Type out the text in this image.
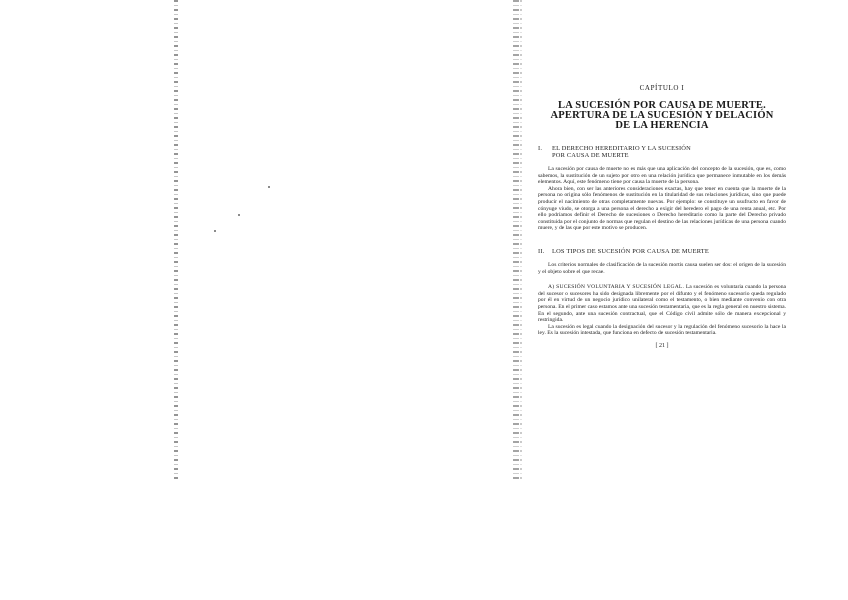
CAPÍTULO I

LA SUCESIÓN POR CAUSA DE MUERTE.
APERTURA DE LA SUCESIÓN Y DELACIÓN
DE LA HERENCIA
I. EL DERECHO HEREDITARIO Y LA SUCESIÓN
POR CAUSA DE MUERTE

La sucesión por causa de muerte no es más que una aplicación del concepto de la sucesión, que es, como sabemos, la sustitución de un sujeto por otro en una relación jurídica que permanece inmutable en los demás elementos. Aquí, este fenómeno tiene por causa la muerte de la persona.

Ahora bien, con ser las anteriores consideraciones exactas, hay que tener en cuenta que la muerte de la persona no origina sólo fenómenos de sustitución en la titularidad de sus relaciones jurídicas, sino que puede producir el nacimiento de otras completamente nuevas. Por ejemplo: se constituye un usufructo en favor de cónyuge viudo, se otorga a una persona el derecho a exigir del heredero el pago de una renta anual, etc. Por ello podríamos definir el Derecho de sucesiones o Derecho hereditario como la parte del Derecho privado constituida por el conjunto de normas que regulan el destino de las relaciones jurídicas de una persona cuando muere, y de las que por este motivo se producen.

II. LOS TIPOS DE SUCESIÓN POR CAUSA DE MUERTE

Los criterios normales de clasificación de la sucesión mortis causa suelen ser dos: el origen de la sucesión y el objeto sobre el que recae.

A) SUCESIÓN VOLUNTARIA Y SUCESIÓN LEGAL. La sucesión es voluntaria cuando la persona del sucesor o sucesores ha sido designada libremente por el difunto y el fenómeno sucesorio queda regulado por él en virtud de un negocio jurídico unilateral como el testamento, o bien mediante convenio con otra persona. En el primer caso estamos ante una sucesión testamentaria, que es la regla general en nuestro sistema. En el segundo, ante una sucesión contractual, que el Código civil admite sólo de manera excepcional y restringida.

La sucesión es legal cuando la designación del sucesor y la regulación del fenómeno sucesorio la hace la ley. Es la sucesión intestada, que funciona en defecto de sucesión testamentaria.

[ 21 ]
